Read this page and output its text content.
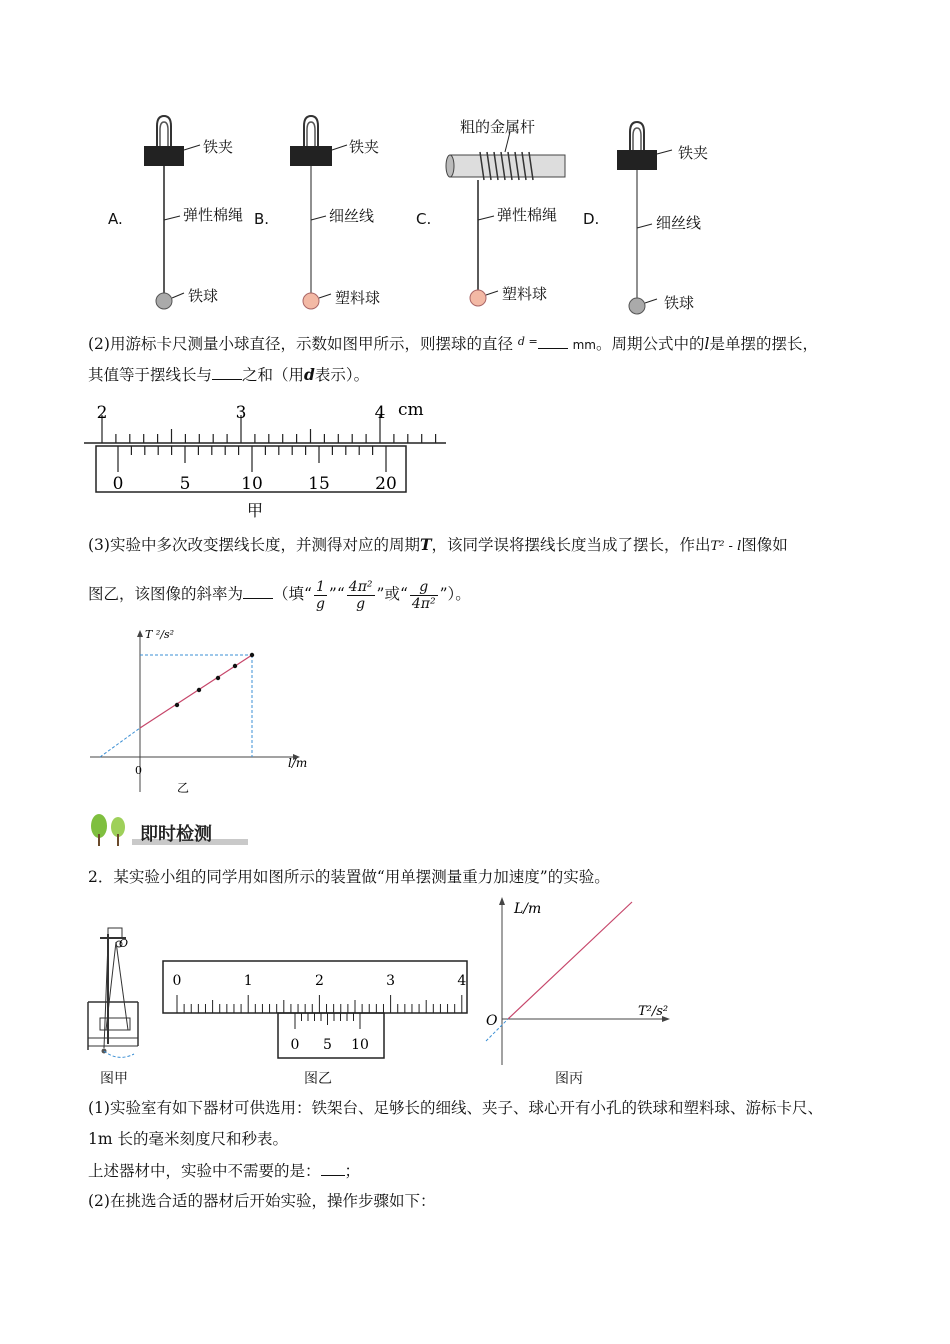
A.
铁夹
弹性棉绳
铁球
B.
铁夹
细丝线
塑料球
C.
粗的金属杆
弹性棉绳
塑料球
D.
铁夹
细丝线
铁球
(2)用游标卡尺测量小球直径，示数如图甲所示，则摆球的直径 $^{d =}$	mm。周期公式中的l是单摆的摆长，
其值等于摆线长与 之和（用d表示）。
2	3	4
0	5	10	15	20
cm
甲
(3)实验中多次改变摆线长度，并测得对应的周期T，该同学误将摆线长度当成了摆长，作出T² - l图像如
图乙，该图像的斜率为 （填“ $\frac{1}{g}$ ”“ $\frac{\text{4π²}}{g}$ ”或“ $\frac{g}{\text{4π²}}$ ”）。
T ²/s²
l/m
0
乙
即时检测
2．某实验小组的同学用如图所示的装置做“用单摆测量重力加速度”的实验。
O
0	1	2	3	4
0 5 10
L/m
T²/s²
O
图甲	图乙	图丙
(1)实验室有如下器材可供选用：铁架台、足够长的细线、夹子、球心开有小孔的铁球和塑料球、游标卡尺、
1m 长的毫米刻度尺和秒表。
上述器材中，实验中不需要的是： ；
(2)在挑选合适的器材后开始实验，操作步骤如下：
